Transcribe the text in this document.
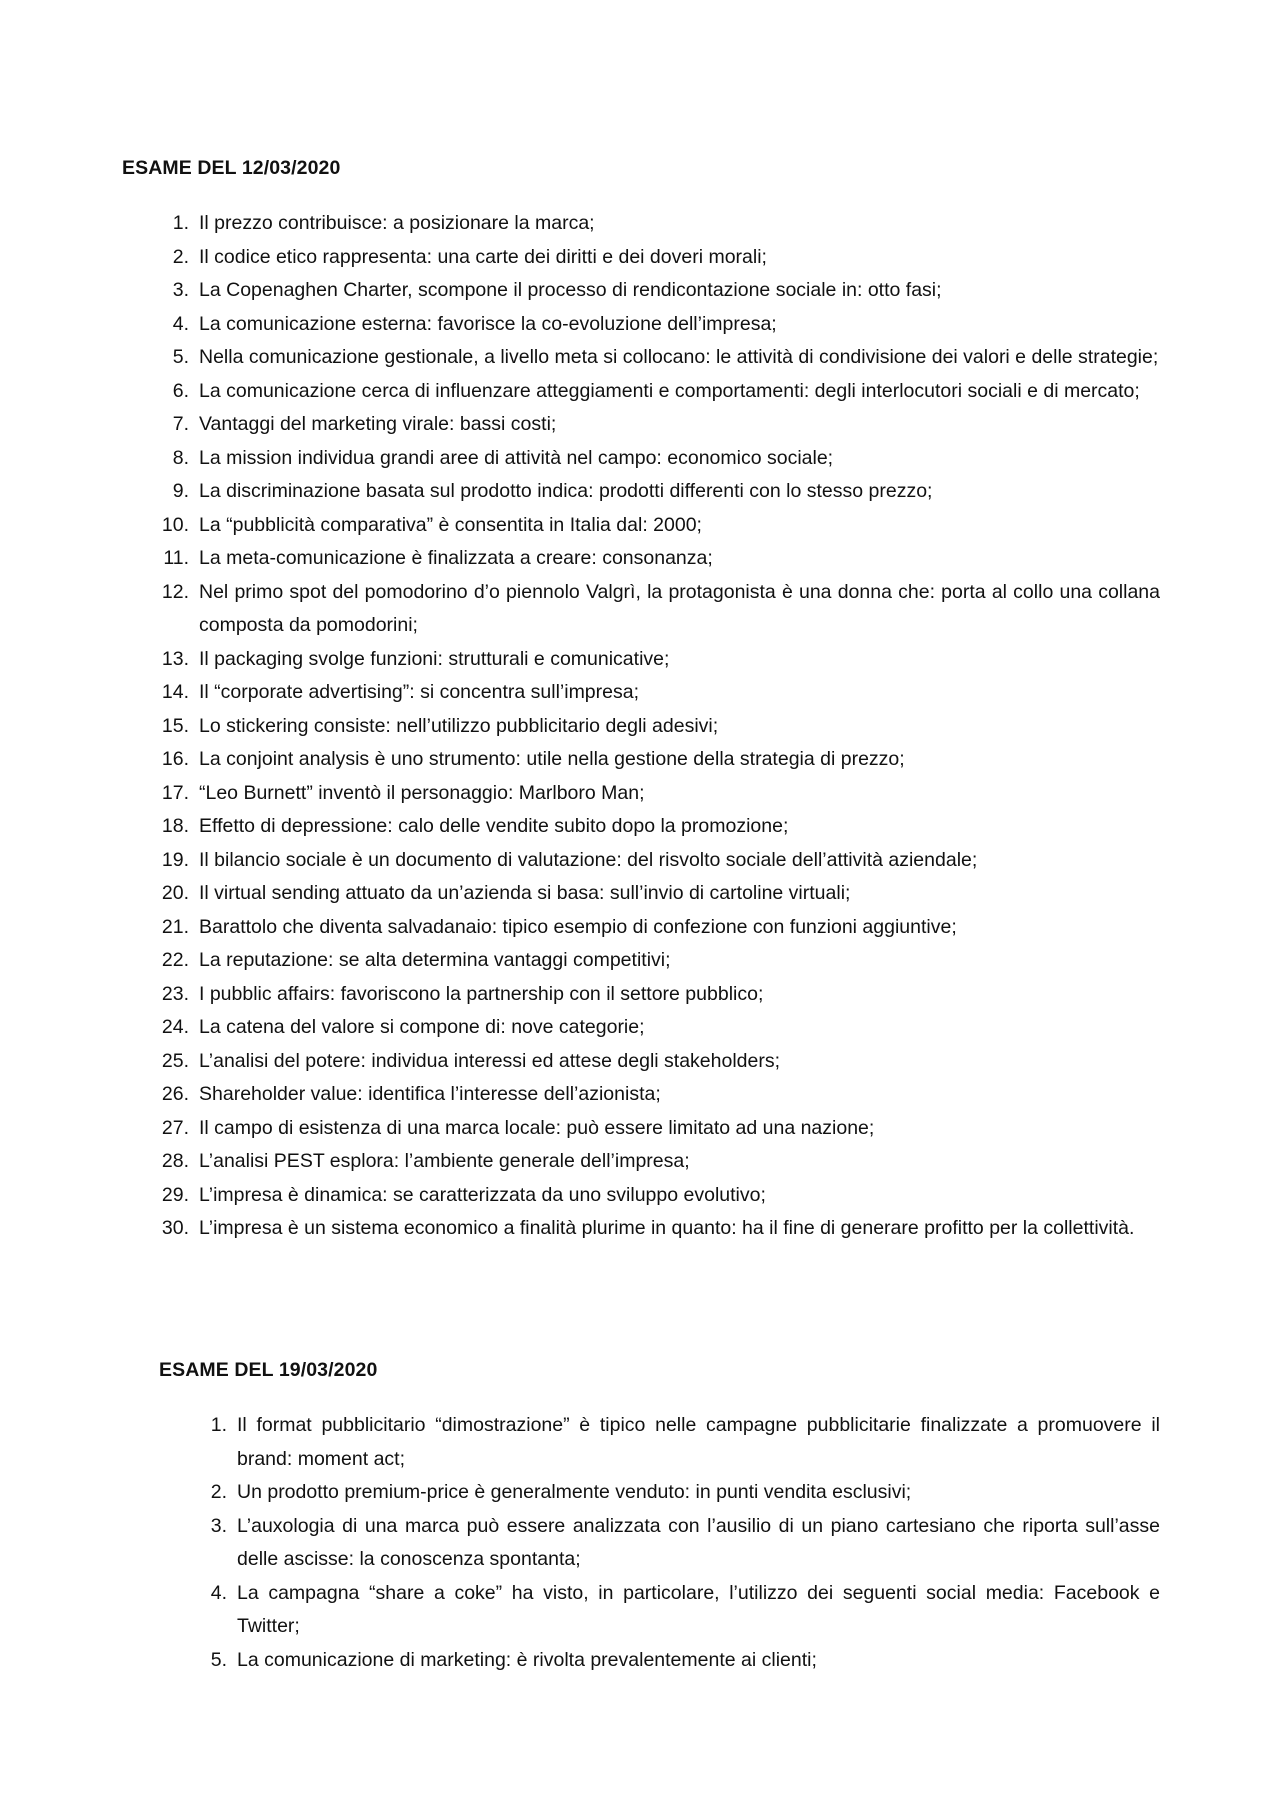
ESAME DEL 12/03/2020
1. Il prezzo contribuisce: a posizionare la marca;
2. Il codice etico rappresenta: una carte dei diritti e dei doveri morali;
3. La Copenaghen Charter, scompone il processo di rendicontazione sociale in: otto fasi;
4. La comunicazione esterna: favorisce la co-evoluzione dell’impresa;
5. Nella comunicazione gestionale, a livello meta si collocano: le attività di condivisione dei valori e delle strategie;
6. La comunicazione cerca di influenzare atteggiamenti e comportamenti: degli interlocutori sociali e di mercato;
7. Vantaggi del marketing virale: bassi costi;
8. La mission individua grandi aree di attività nel campo: economico sociale;
9. La discriminazione basata sul prodotto indica: prodotti differenti con lo stesso prezzo;
10. La “pubblicità comparativa” è consentita in Italia dal: 2000;
11. La meta-comunicazione è finalizzata a creare: consonanza;
12. Nel primo spot del pomodorino d’o piennolo Valgrì, la protagonista è una donna che: porta al collo una collana composta da pomodorini;
13. Il packaging svolge funzioni: strutturali e comunicative;
14. Il “corporate advertising”: si concentra sull’impresa;
15. Lo stickering consiste: nell’utilizzo pubblicitario degli adesivi;
16. La conjoint analysis è uno strumento: utile nella gestione della strategia di prezzo;
17. “Leo Burnett” inventò il personaggio: Marlboro Man;
18. Effetto di depressione: calo delle vendite subito dopo la promozione;
19. Il bilancio sociale è un documento di valutazione: del risvolto sociale dell’attività aziendale;
20. Il virtual sending attuato da un’azienda si basa: sull’invio di cartoline virtuali;
21. Barattolo che diventa salvadanaio: tipico esempio di confezione con funzioni aggiuntive;
22. La reputazione: se alta determina vantaggi competitivi;
23. I pubblic affairs: favoriscono la partnership con il settore pubblico;
24. La catena del valore si compone di: nove categorie;
25. L’analisi del potere: individua interessi ed attese degli stakeholders;
26. Shareholder value: identifica l’interesse dell’azionista;
27. Il campo di esistenza di una marca locale: può essere limitato ad una nazione;
28. L’analisi PEST esplora: l’ambiente generale dell’impresa;
29. L’impresa è dinamica: se caratterizzata da uno sviluppo evolutivo;
30. L’impresa è un sistema economico a finalità plurime in quanto: ha il fine di generare profitto per la collettività.
ESAME DEL 19/03/2020
1. Il format pubblicitario “dimostrazione” è tipico nelle campagne pubblicitarie finalizzate a promuovere il brand: moment act;
2. Un prodotto premium-price è generalmente venduto: in punti vendita esclusivi;
3. L’auxologia di una marca può essere analizzata con l’ausilio di un piano cartesiano che riporta sull’asse delle ascisse: la conoscenza spontanta;
4. La campagna “share a coke” ha visto, in particolare, l’utilizzo dei seguenti social media: Facebook e Twitter;
5. La comunicazione di marketing: è rivolta prevalentemente ai clienti;
